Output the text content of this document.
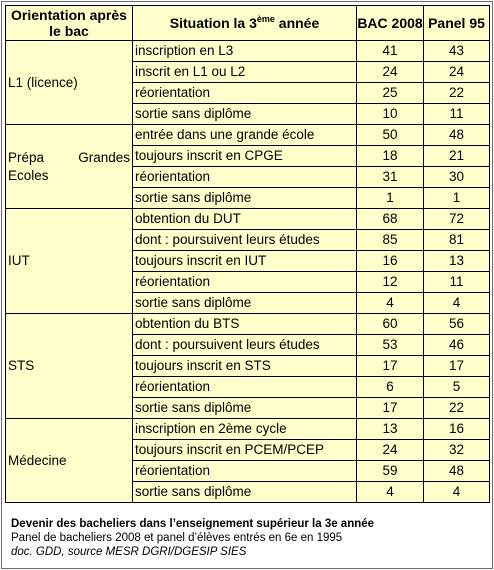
Orientation après le bac	Situation la 3ème année	BAC 2008	Panel 95

L1 (licence)	inscription en L3	41	43
	inscrit en L1 ou L2	24	24
	réorientation	25	22
	sortie sans diplôme	10	11

Prépa Grandes Ecoles	entrée dans une grande école	50	48
	toujours inscrit en CPGE	18	21
	réorientation	31	30
	sortie sans diplôme	1	1

IUT	obtention du DUT	68	72
	dont : poursuivent leurs études	85	81
	toujours inscrit en IUT	16	13
	réorientation	12	11
	sortie sans diplôme	4	4

STS	obtention du BTS	60	56
	dont : poursuivent leurs études	53	46
	toujours inscrit en STS	17	17
	réorientation	6	5
	sortie sans diplôme	17	22

Médecine	inscription en 2ème cycle	13	16
	toujours inscrit en PCEM/PCEP	24	32
	réorientation	59	48
	sortie sans diplôme	4	4
Devenir des bacheliers dans l’enseignement supérieur la 3e année
Panel de bacheliers 2008 et panel d’élèves entrés en 6e en 1995
doc. GDD, source MESR DGRI/DGESIP SIES
